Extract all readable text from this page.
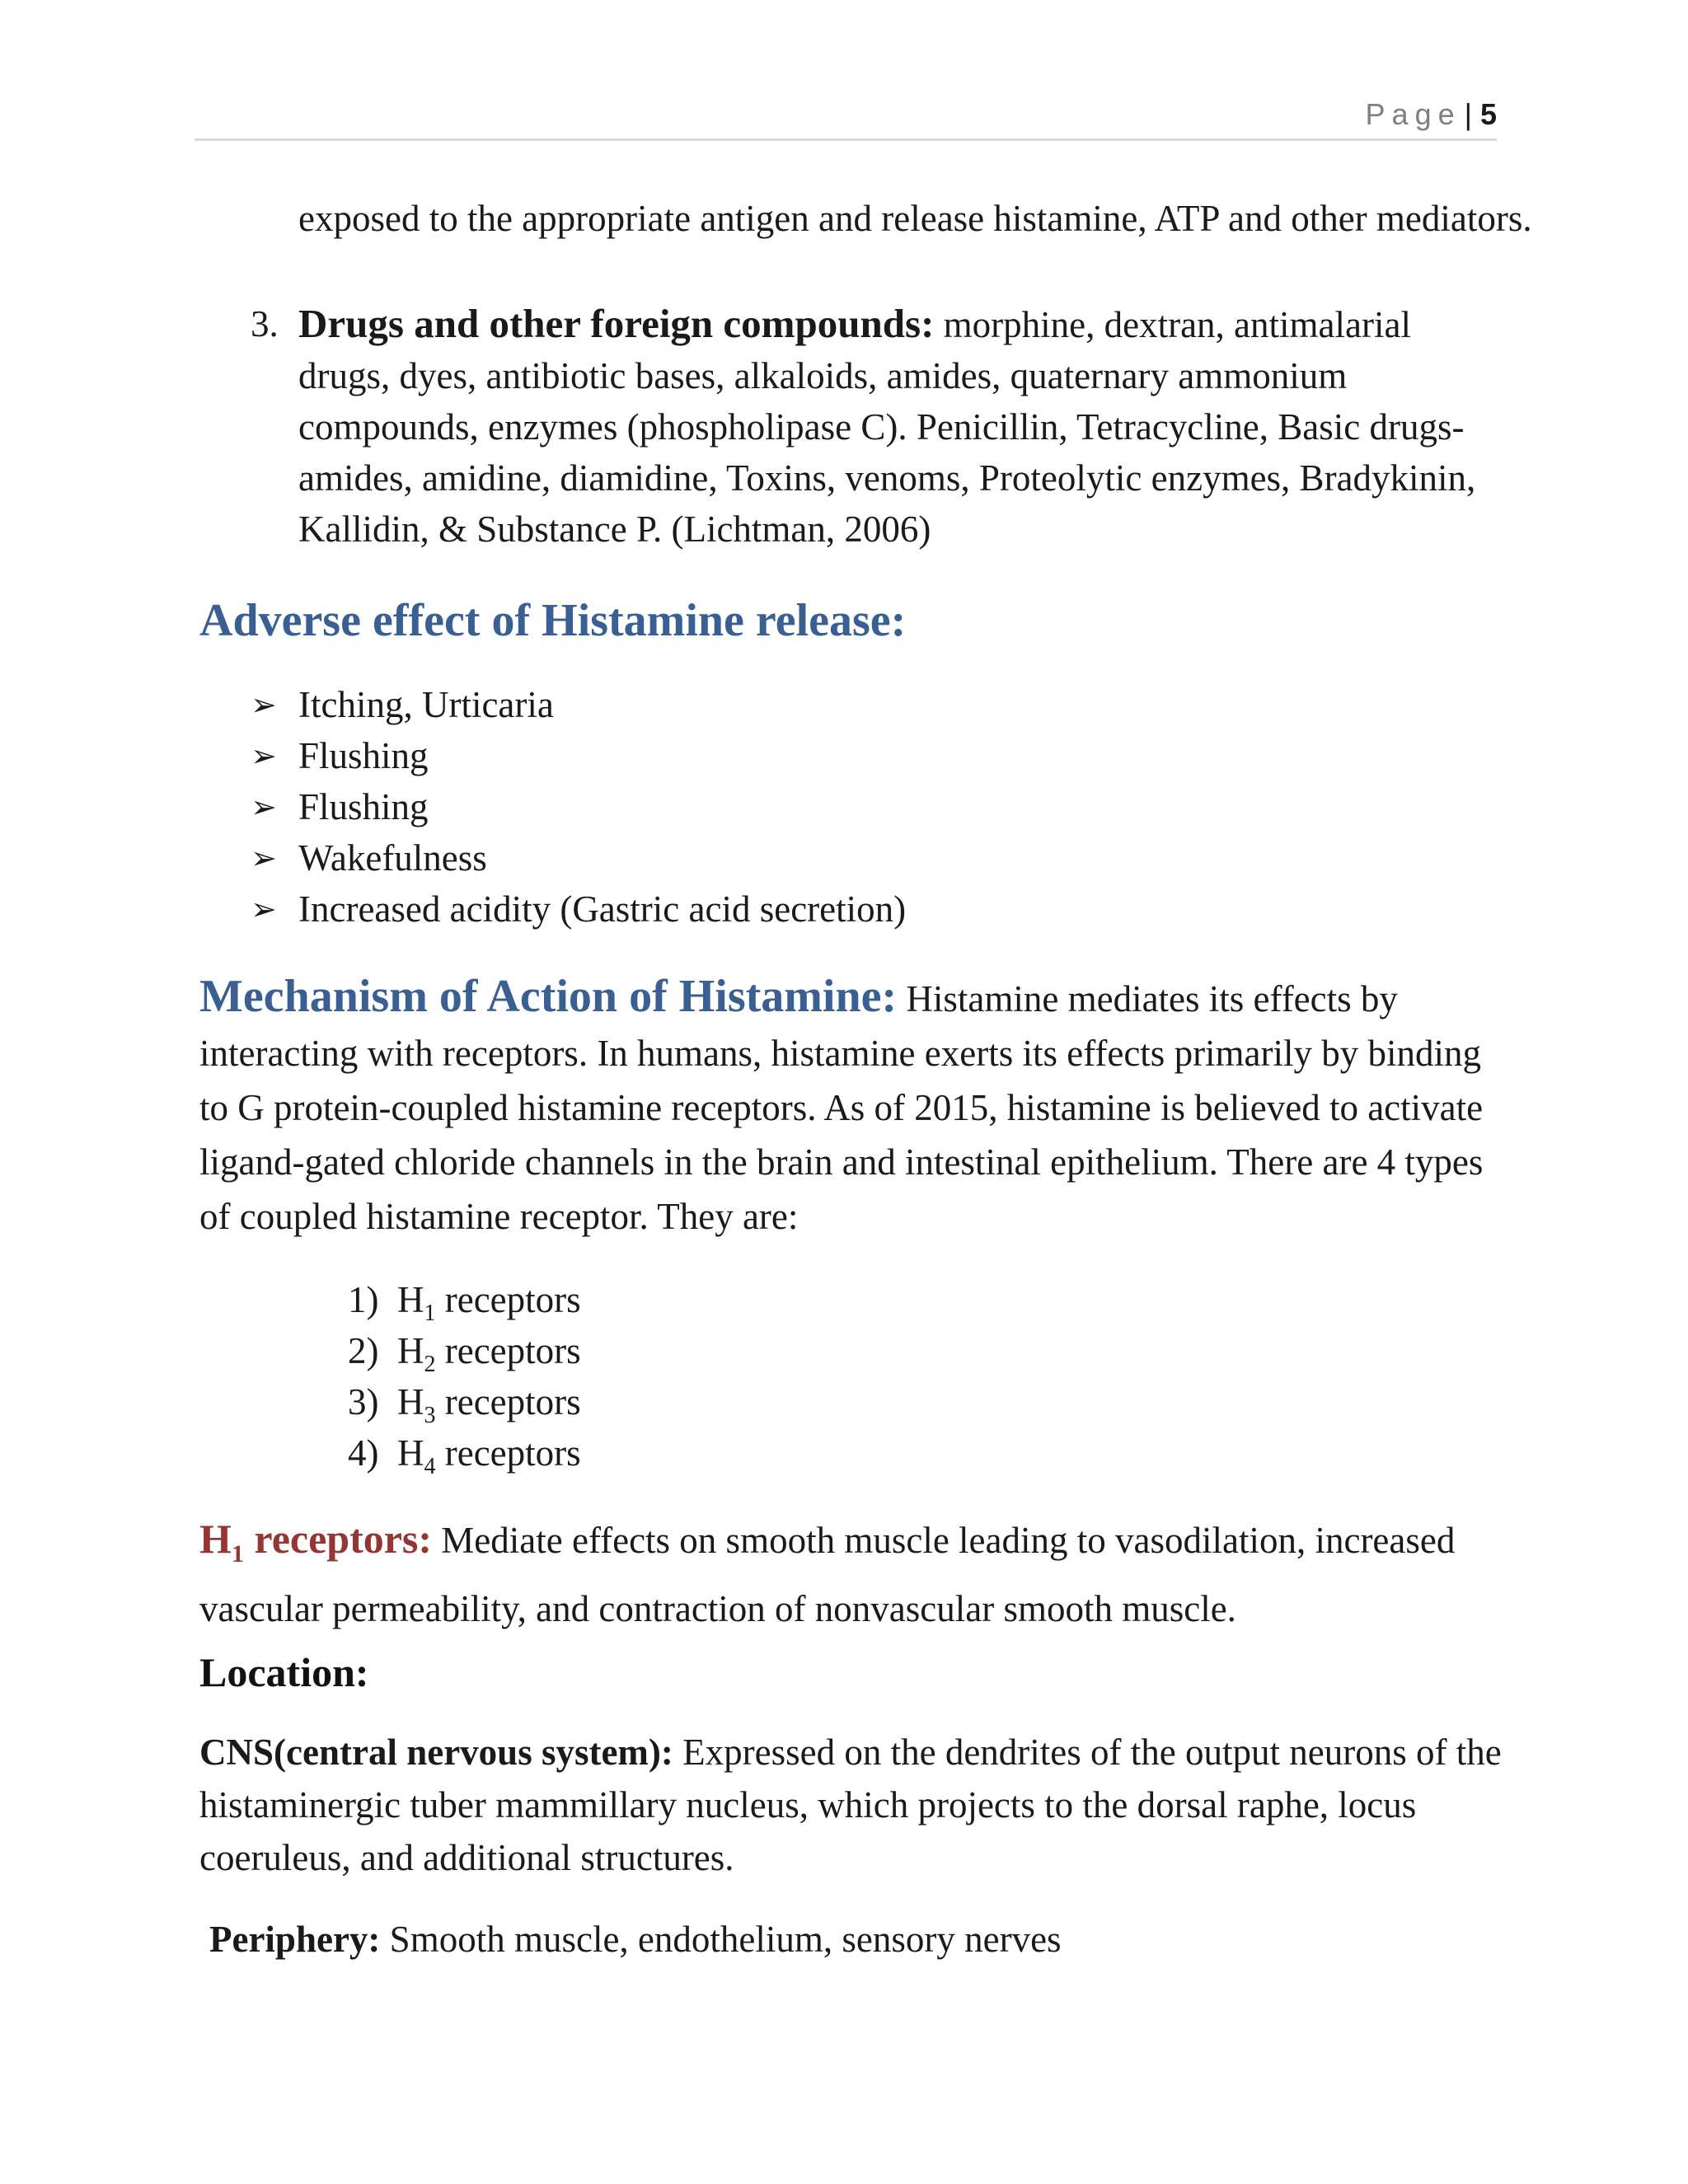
Page | 5
exposed to the appropriate antigen and release histamine, ATP and other mediators.
3. Drugs and other foreign compounds: morphine, dextran, antimalarial drugs, dyes, antibiotic bases, alkaloids, amides, quaternary ammonium compounds, enzymes (phospholipase C). Penicillin, Tetracycline, Basic drugs- amides, amidine, diamidine, Toxins, venoms, Proteolytic enzymes, Bradykinin, Kallidin, & Substance P. (Lichtman, 2006)
Adverse effect of Histamine release:
➢ Itching, Urticaria
➢ Flushing
➢ Flushing
➢ Wakefulness
➢ Increased acidity (Gastric acid secretion)
Mechanism of Action of Histamine: Histamine mediates its effects by interacting with receptors. In humans, histamine exerts its effects primarily by binding to G protein-coupled histamine receptors. As of 2015, histamine is believed to activate ligand-gated chloride channels in the brain and intestinal epithelium. There are 4 types of coupled histamine receptor. They are:
1) $H_1$ receptors
2) $H_2$ receptors
3) $H_3$ receptors
4) $H_4$ receptors
$H_1$ receptors: Mediate effects on smooth muscle leading to vasodilation, increased vascular permeability, and contraction of nonvascular smooth muscle.
Location:
CNS(central nervous system): Expressed on the dendrites of the output neurons of the histaminergic tuber mammillary nucleus, which projects to the dorsal raphe, locus coeruleus, and additional structures.
Periphery: Smooth muscle, endothelium, sensory nerves
